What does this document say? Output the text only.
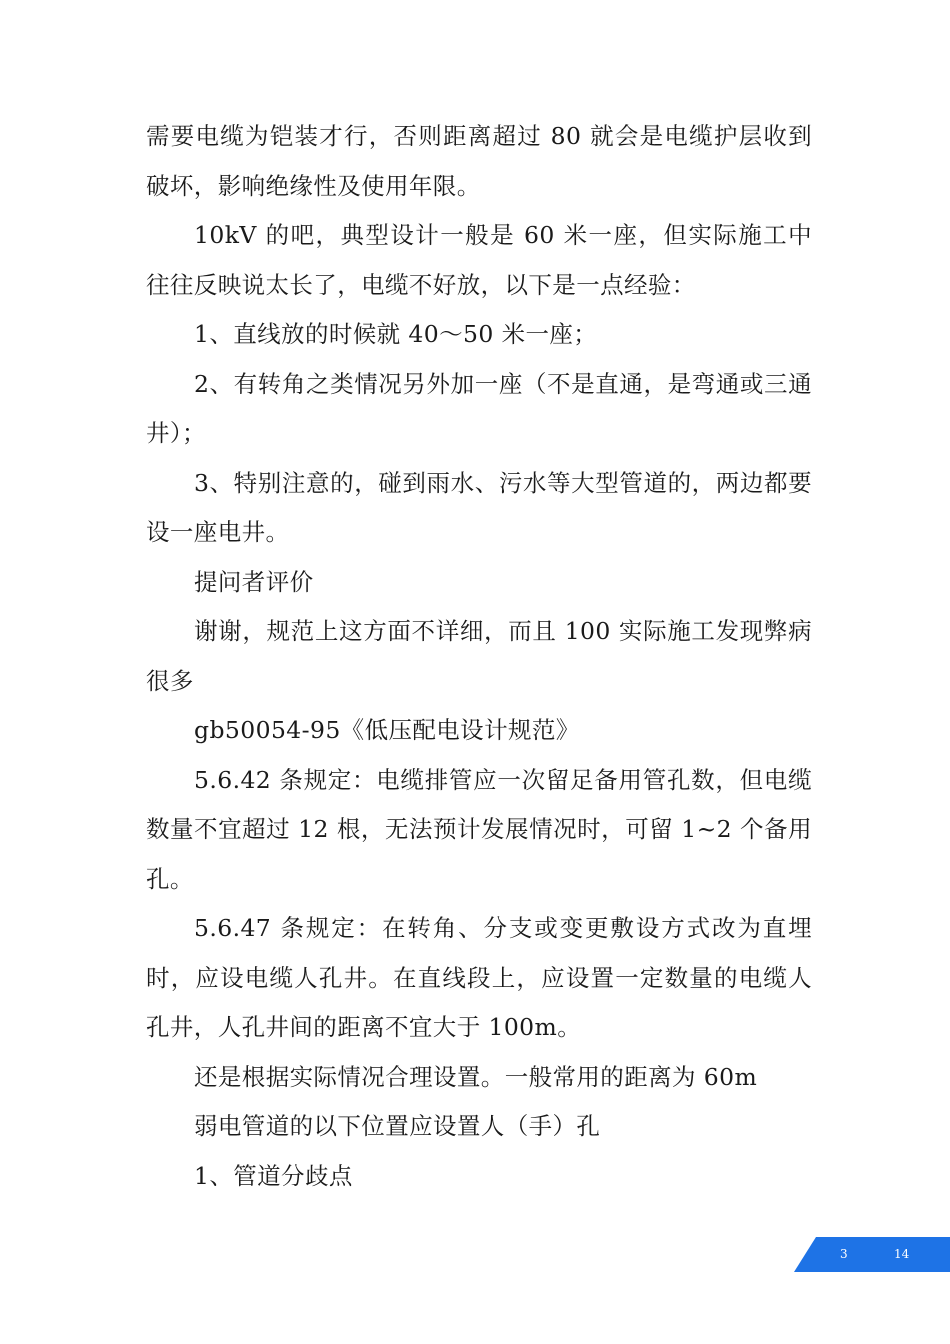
需要电缆为铠装才行，否则距离超过 80 就会是电缆护层收到破坏，影响绝缘性及使用年限。

10kV 的吧，典型设计一般是 60 米一座，但实际施工中往往反映说太长了，电缆不好放，以下是一点经验：

1、直线放的时候就 40～50 米一座；

2、有转角之类情况另外加一座（不是直通，是弯通或三通井）；

3、特别注意的，碰到雨水、污水等大型管道的，两边都要设一座电井。

提问者评价

谢谢，规范上这方面不详细，而且 100 实际施工发现弊病很多

gb50054-95《低压配电设计规范》

5.6.42 条规定：电缆排管应一次留足备用管孔数，但电缆数量不宜超过 12 根，无法预计发展情况时，可留 1~2 个备用孔。

5.6.47 条规定：在转角、分支或变更敷设方式改为直埋时，应设电缆人孔井。在直线段上，应设置一定数量的电缆人孔井，人孔井间的距离不宜大于 100m。

还是根据实际情况合理设置。一般常用的距离为 60m

弱电管道的以下位置应设置人（手）孔

1、管道分歧点

3	14
